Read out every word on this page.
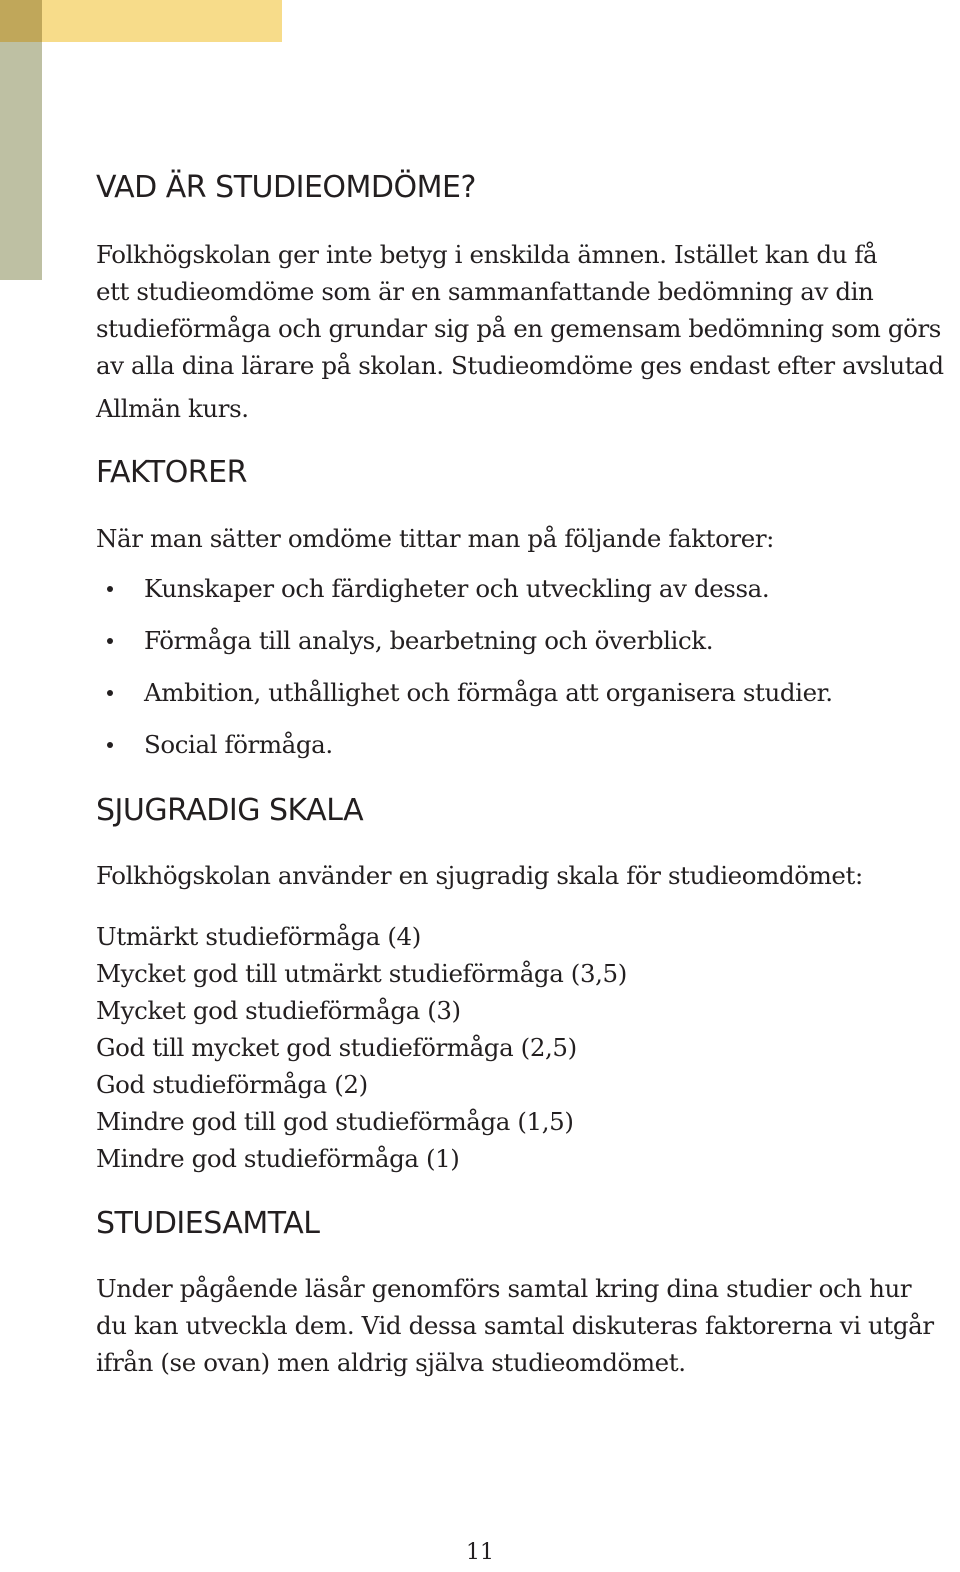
VAD ÄR STUDIEOMDÖME?

Folkhögskolan ger inte betyg i enskilda ämnen. Istället kan du få
ett studieomdöme som är en sammanfattande bedömning av din
studieförmåga och grundar sig på en gemensam bedömning som görs
av alla dina lärare på skolan. Studieomdöme ges endast efter avslutad
Allmän kurs.

FAKTORER

När man sätter omdöme tittar man på följande faktorer:

Kunskaper och färdigheter och utveckling av dessa.
Förmåga till analys, bearbetning och överblick.
Ambition, uthållighet och förmåga att organisera studier.
Social förmåga.
SJUGRADIG SKALA

Folkhögskolan använder en sjugradig skala för studieomdömet:

Utmärkt studieförmåga (4)
Mycket god till utmärkt studieförmåga (3,5)
Mycket god studieförmåga (3)
God till mycket god studieförmåga (2,5)
God studieförmåga (2)
Mindre god till god studieförmåga (1,5)
Mindre god studieförmåga (1)
STUDIESAMTAL

Under pågående läsår genomförs samtal kring dina studier och hur
du kan utveckla dem. Vid dessa samtal diskuteras faktorerna vi utgår
ifrån (se ovan) men aldrig själva studieomdömet.

11
